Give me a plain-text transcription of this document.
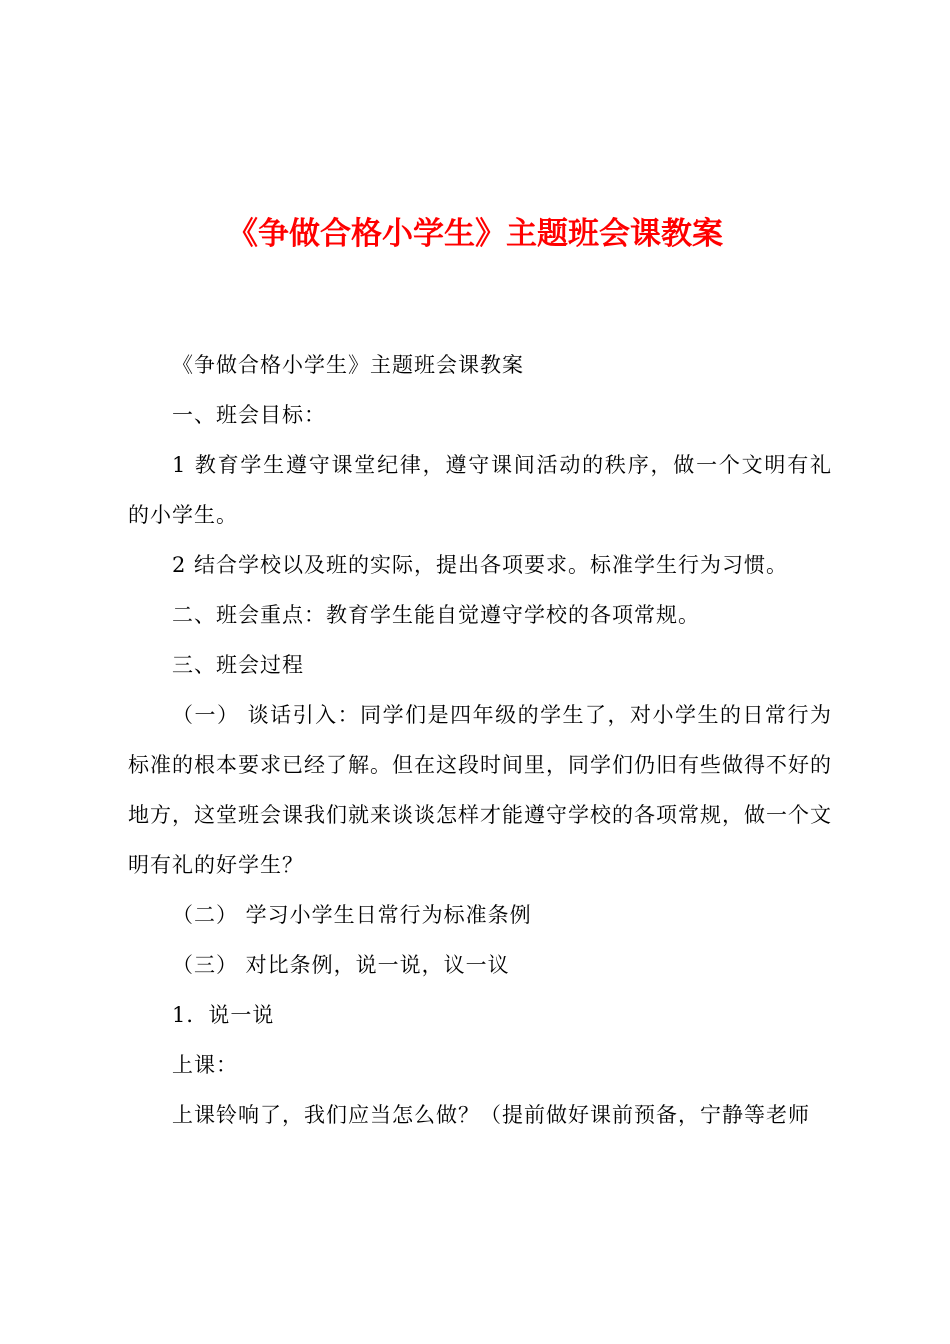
《争做合格小学生》主题班会课教案

《争做合格小学生》主题班会课教案

一、班会目标：

1 教育学生遵守课堂纪律，遵守课间活动的秩序，做一个文明有礼的小学生。

2 结合学校以及班的实际，提出各项要求。标准学生行为习惯。

二、班会重点：教育学生能自觉遵守学校的各项常规。

三、班会过程

（一） 谈话引入：同学们是四年级的学生了，对小学生的日常行为标准的根本要求已经了解。但在这段时间里，同学们仍旧有些做得不好的地方，这堂班会课我们就来谈谈怎样才能遵守学校的各项常规，做一个文明有礼的好学生？

（二） 学习小学生日常行为标准条例

（三） 对比条例，说一说，议一议

1．说一说

上课：

上课铃响了，我们应当怎么做？（提前做好课前预备，宁静等老师
